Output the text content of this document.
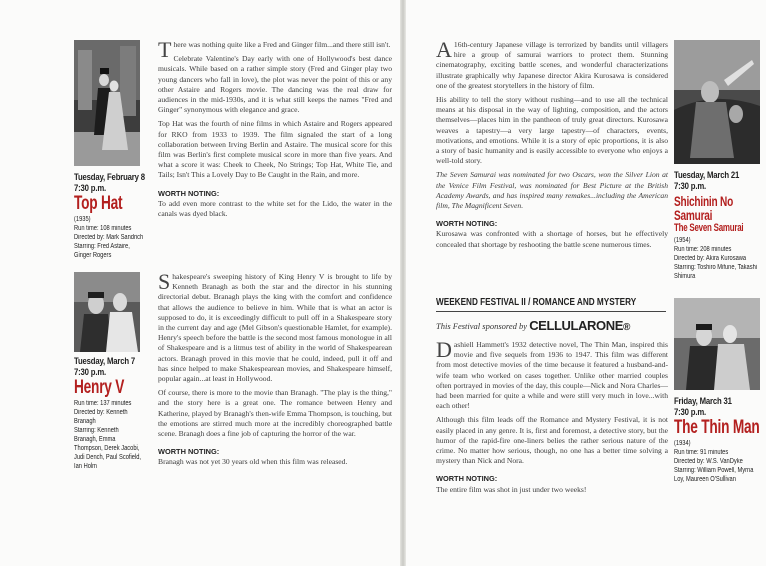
Tuesday, February 8
7:30 p.m.
Top Hat
(1935)
Run time: 108 minutes
Directed by: Mark Sandrich
Starring: Fred Astaire, Ginger Rogers

There was nothing quite like a Fred and Ginger film...and there still isn't.

Celebrate Valentine's Day early with one of Hollywood's best dance musicals. While based on a rather simple story (Fred and Ginger play two young dancers who fall in love), the plot was never the point of this or any other Astaire and Rogers movie. The dancing was the real draw for audiences in the mid-1930s, and it is what still keeps the names "Fred and Ginger" synonymous with elegance and grace.

Top Hat was the fourth of nine films in which Astaire and Rogers appeared for RKO from 1933 to 1939. The film signaled the start of a long collaboration between Irving Berlin and Astaire. The musical score for this film was Berlin's first complete musical score in more than five years. And what a score it was: Cheek to Cheek, No Strings; Top Hat, White Tie, and Tails; Isn't This a Lovely Day to Be Caught in the Rain, and more.

WORTH NOTING:

To add even more contrast to the white set for the Lido, the water in the canals was dyed black.

Tuesday, March 7
7:30 p.m.
Henry V
Run time: 137 minutes
Directed by: Kenneth Branagh
Starring: Kenneth Branagh, Emma Thompson, Derek Jacobi, Judi Dench, Paul Scofield, Ian Holm

Shakespeare's sweeping history of King Henry V is brought to life by Kenneth Branagh as both the star and the director in his stunning directorial debut. Branagh plays the king with the comfort and confidence that allows the audience to believe in him. While that is what an actor is supposed to do, it is exceedingly difficult to pull off in a Shakespeare story in the current day and age (Mel Gibson's questionable Hamlet, for example). Henry's speech before the battle is the second most famous monologue in all of Shakespeare and is a litmus test of ability in the world of Shakespearean actors. Branagh proved in this movie that he could, indeed, pull it off and has since helped to make Shakespearean movies, and Shakespeare himself, popular again...at least in Hollywood.

Of course, there is more to the movie than Branagh. "The play is the thing," and the story here is a great one. The romance between Henry and Katherine, played by Branagh's then-wife Emma Thompson, is touching, but the emotions are stirred much more at the incredibly choreographed battle scene. Branagh does a fine job of capturing the horror of the war.

WORTH NOTING:

Branagh was not yet 30 years old when this film was released.

A 16th-century Japanese village is terrorized by bandits until villagers hire a group of samurai warriors to protect them. Stunning cinematography, exciting battle scenes, and wonderful characterizations illustrate graphically why Japanese director Akira Kurosawa is considered one of the greatest storytellers in the history of film.

His ability to tell the story without rushing—and to use all the technical means at his disposal in the way of lighting, composition, and the actors themselves—places him in the pantheon of truly great directors. Kurosawa weaves a tapestry—a very large tapestry—of characters, events, motivations, and emotions. While it is a story of epic proportions, it is also a story of basic humanity and is easily accessible to everyone who enjoys a well-told story.

The Seven Samurai was nominated for two Oscars, won the Silver Lion at the Venice Film Festival, was nominated for Best Picture at the British Academy Awards, and has inspired many remakes...including the American film, The Magnificent Seven.

WORTH NOTING:

Kurosawa was confronted with a shortage of horses, but he effectively concealed that shortage by reshooting the battle scene numerous times.

Tuesday, March 21
7:30 p.m.
Shichinin No
Samurai
The Seven Samurai
(1954)
Run time: 208 minutes
Directed by: Akira Kurosawa
Starring: Toshiro Mifune, Takashi Shimura
WEEKEND FESTIVAL II / ROMANCE AND MYSTERY
This Festival sponsored by CELLULARONE®

Dashiell Hammett's 1932 detective novel, The Thin Man, inspired this movie and five sequels from 1936 to 1947. This film was different from most detective movies of the time because it featured a husband-and-wife team who worked on cases together. Unlike other married couples often portrayed in movies of the day, this couple—Nick and Nora Charles—had been married for quite a while and were still very much in love...with each other!

Although this film leads off the Romance and Mystery Festival, it is not easily placed in any genre. It is, first and foremost, a detective story, but the humor of the rapid-fire one-liners belies the rather serious nature of the crime. No matter how serious, though, no one has a better time solving a mystery than Nick and Nora.

WORTH NOTING:

The entire film was shot in just under two weeks!

Friday, March 31
7:30 p.m.
The Thin Man
(1934)
Run time: 91 minutes
Directed by: W.S. VanDyke
Starring: William Powell, Myrna Loy, Maureen O'Sullivan
